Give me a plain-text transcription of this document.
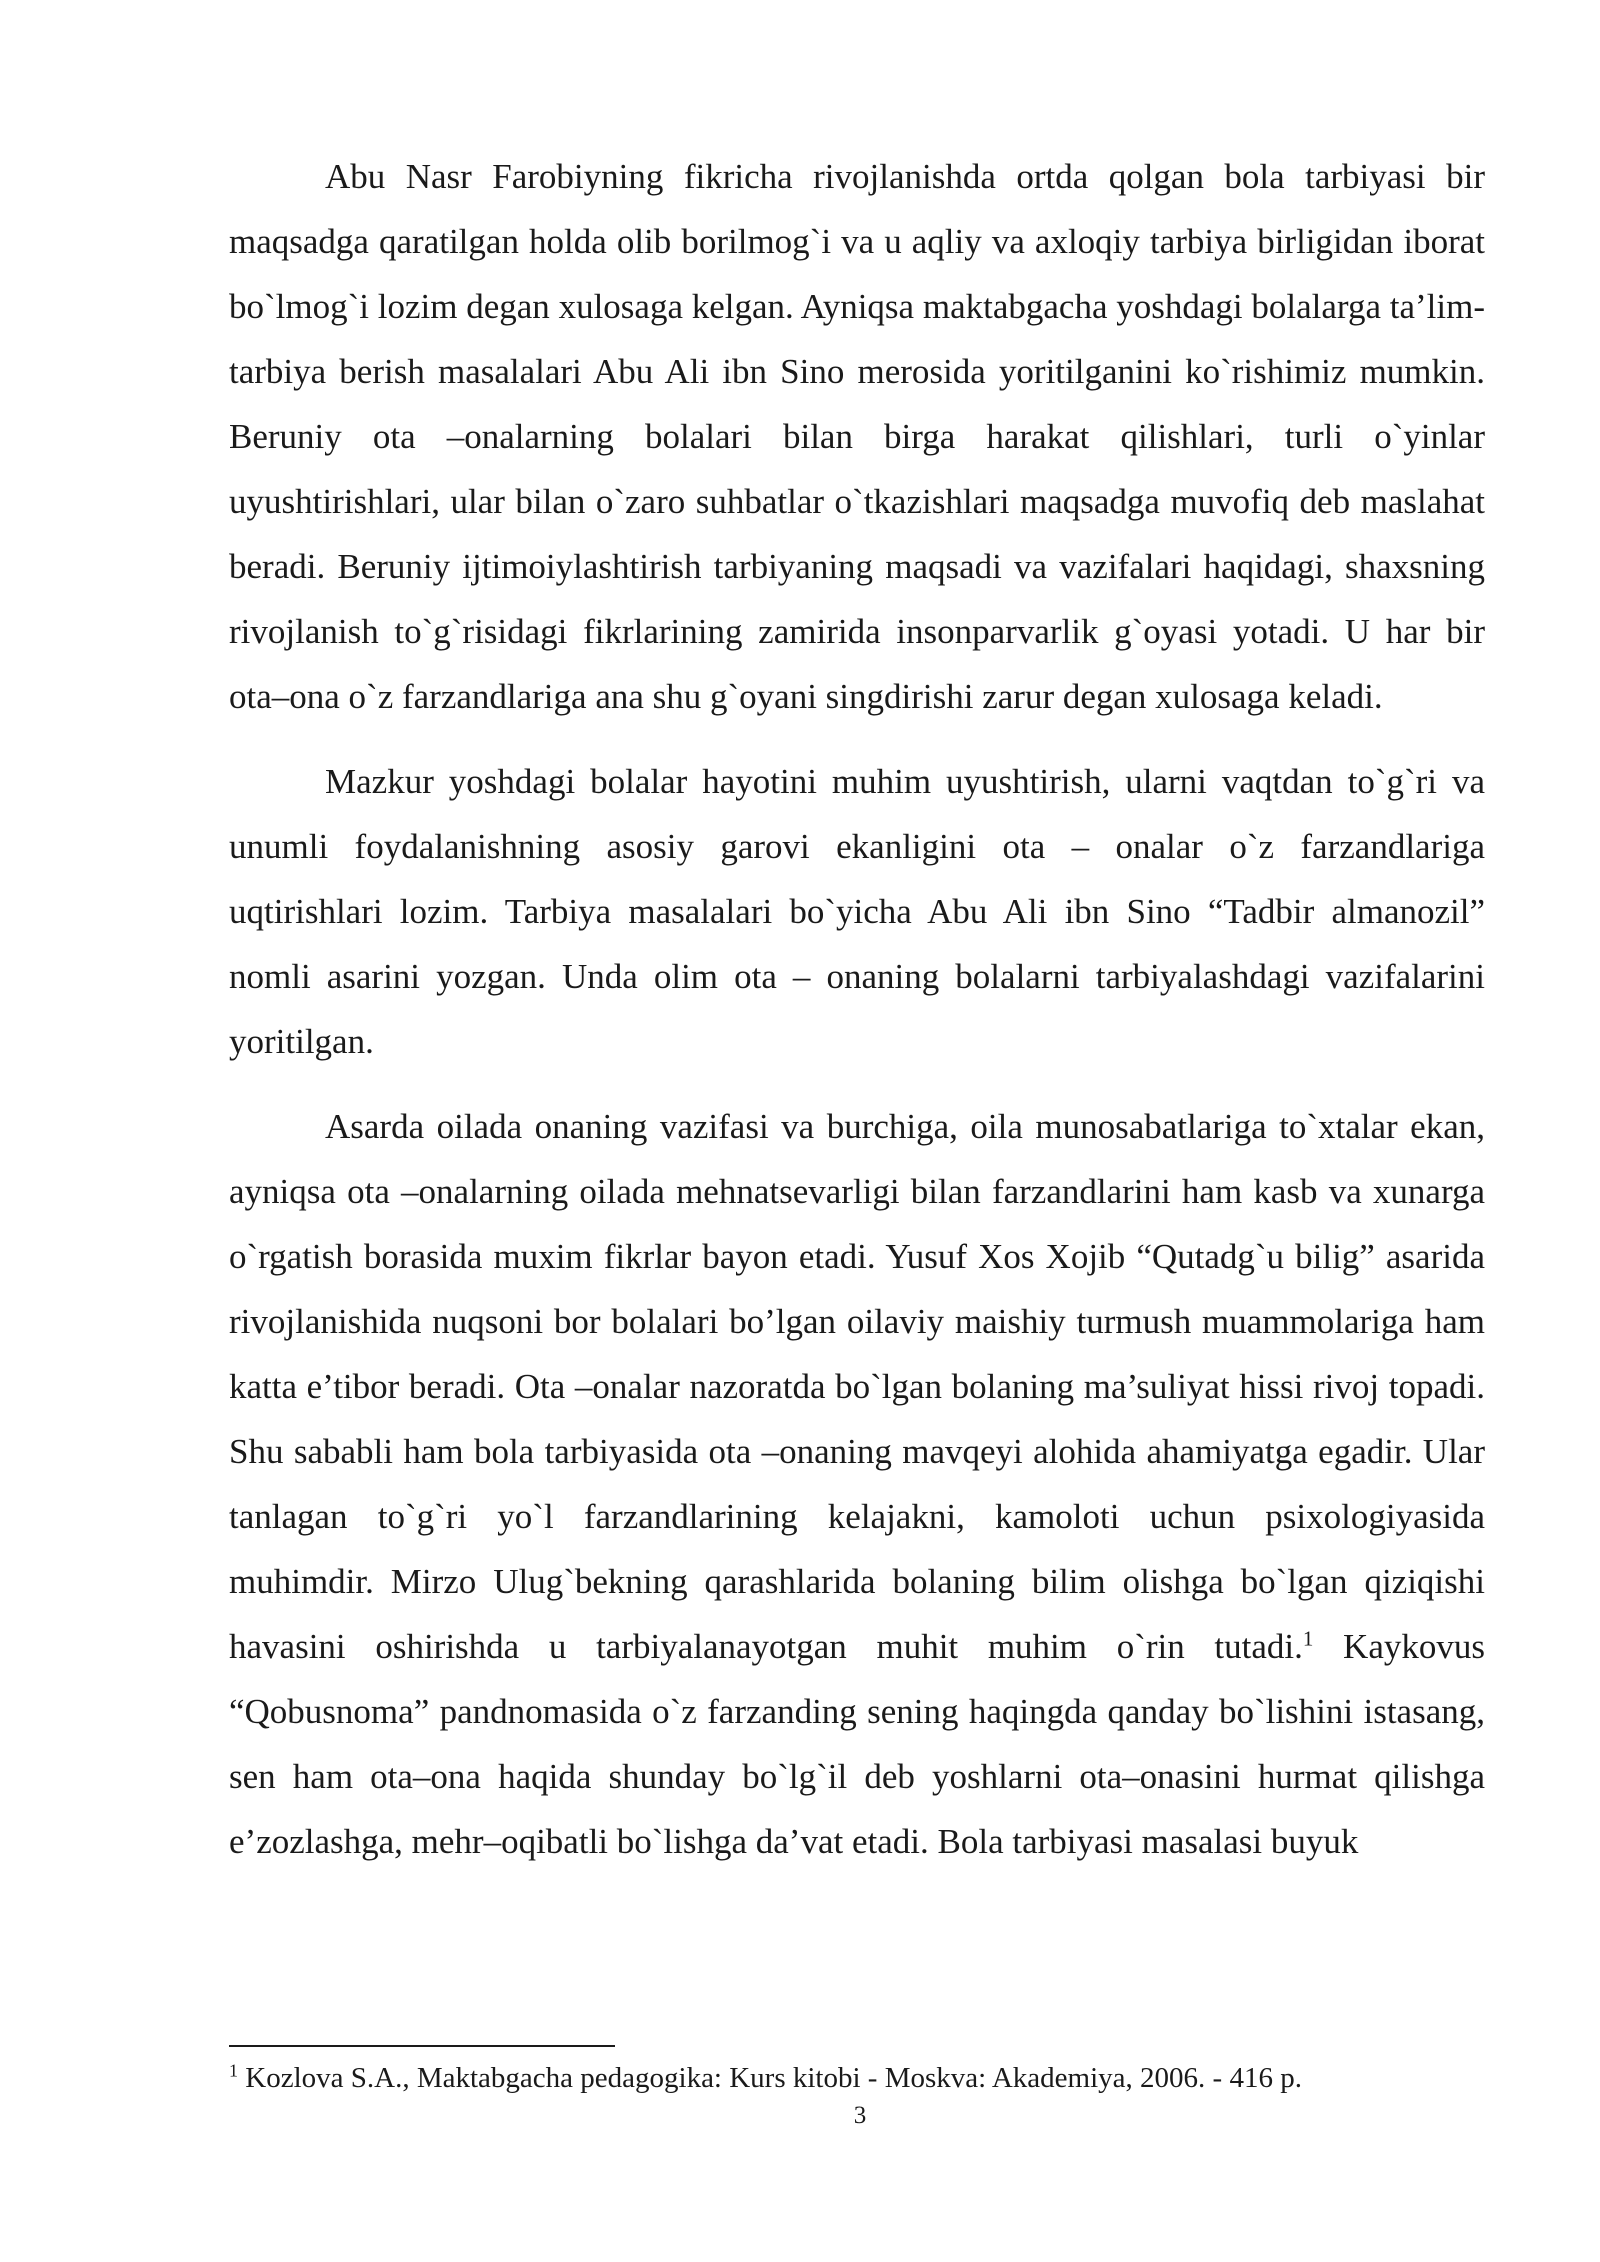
Abu Nasr Farobiyning fikricha rivojlanishda ortda qolgan bola tarbiyasi bir maqsadga qaratilgan holda olib borilmog`i va u aqliy va axloqiy tarbiya birligidan iborat bo`lmog`i lozim degan xulosaga kelgan. Ayniqsa maktabgacha yoshdagi bolalarga ta’lim-tarbiya berish masalalari Abu Ali ibn Sino merosida yoritilganini ko`rishimiz mumkin. Beruniy ota –onalarning bolalari bilan birga harakat qilishlari, turli o`yinlar uyushtirishlari, ular bilan o`zaro suhbatlar o`tkazishlari maqsadga muvofiq deb maslahat beradi. Beruniy ijtimoiylashtirish tarbiyaning maqsadi va vazifalari haqidagi, shaxsning rivojlanish to`g`risidagi fikrlarining zamirida insonparvarlik g`oyasi yotadi. U har bir ota–ona o`z farzandlariga ana shu g`oyani singdirishi zarur degan xulosaga keladi.

Mazkur yoshdagi bolalar hayotini muhim uyushtirish, ularni vaqtdan to`g`ri va unumli foydalanishning asosiy garovi ekanligini ota – onalar o`z farzandlariga uqtirishlari lozim. Tarbiya masalalari bo`yicha Abu Ali ibn Sino “Tadbir almanozil” nomli asarini yozgan. Unda olim ota – onaning bolalarni tarbiyalashdagi vazifalarini yoritilgan.

Asarda oilada onaning vazifasi va burchiga, oila munosabatlariga to`xtalar ekan, ayniqsa ota –onalarning oilada mehnatsevarligi bilan farzandlarini ham kasb va xunarga o`rgatish borasida muxim fikrlar bayon etadi. Yusuf Xos Xojib “Qutadg`u bilig” asarida rivojlanishida nuqsoni bor bolalari bo’lgan oilaviy maishiy turmush muammolariga ham katta e’tibor beradi. Ota –onalar nazoratda bo`lgan bolaning ma’suliyat hissi rivoj topadi. Shu sababli ham bola tarbiyasida ota –onaning mavqeyi alohida ahamiyatga egadir. Ular tanlagan to`g`ri yo`l farzandlarining kelajakni, kamoloti uchun psixologiyasida muhimdir. Mirzo Ulug`bekning qarashlarida bolaning bilim olishga bo`lgan qiziqishi havasini oshirishda u tarbiyalanayotgan muhit muhim o`rin tutadi.$^1$ Kaykovus “Qobusnoma” pandnomasida o`z farzanding sening haqingda qanday bo`lishini istasang, sen ham ota–ona haqida shunday bo`lg`il deb yoshlarni ota–onasini hurmat qilishga e’zozlashga, mehr–oqibatli bo`lishga da’vat etadi. Bola tarbiyasi masalasi buyuk

$^1$ Kozlova S.A., Maktabgacha pedagogika: Kurs kitobi - Moskva: Akademiya, 2006. - 416 p.
3
